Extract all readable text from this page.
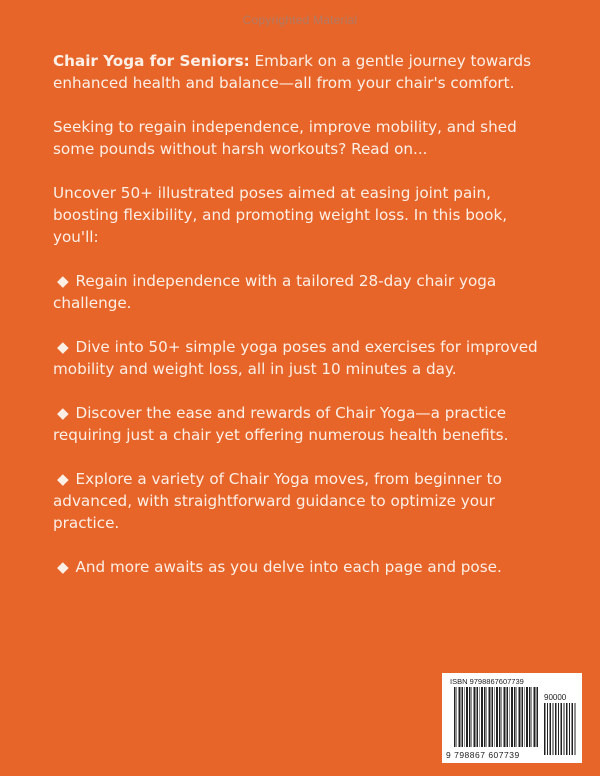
Copyrighted Material

Chair Yoga for Seniors: Embark on a gentle journey towards enhanced health and balance—all from your chair's comfort.

Seeking to regain independence, improve mobility, and shed some pounds without harsh workouts? Read on...

Uncover 50+ illustrated poses aimed at easing joint pain, boosting flexibility, and promoting weight loss. In this book, you'll:

◆ Regain independence with a tailored 28-day chair yoga challenge.

◆ Dive into 50+ simple yoga poses and exercises for improved mobility and weight loss, all in just 10 minutes a day.

◆ Discover the ease and rewards of Chair Yoga—a practice requiring just a chair yet offering numerous health benefits.

◆ Explore a variety of Chair Yoga moves, from beginner to advanced, with straightforward guidance to optimize your practice.

◆ And more awaits as you delve into each page and pose.

ISBN 9798867607739
90000
9 798867 607739
